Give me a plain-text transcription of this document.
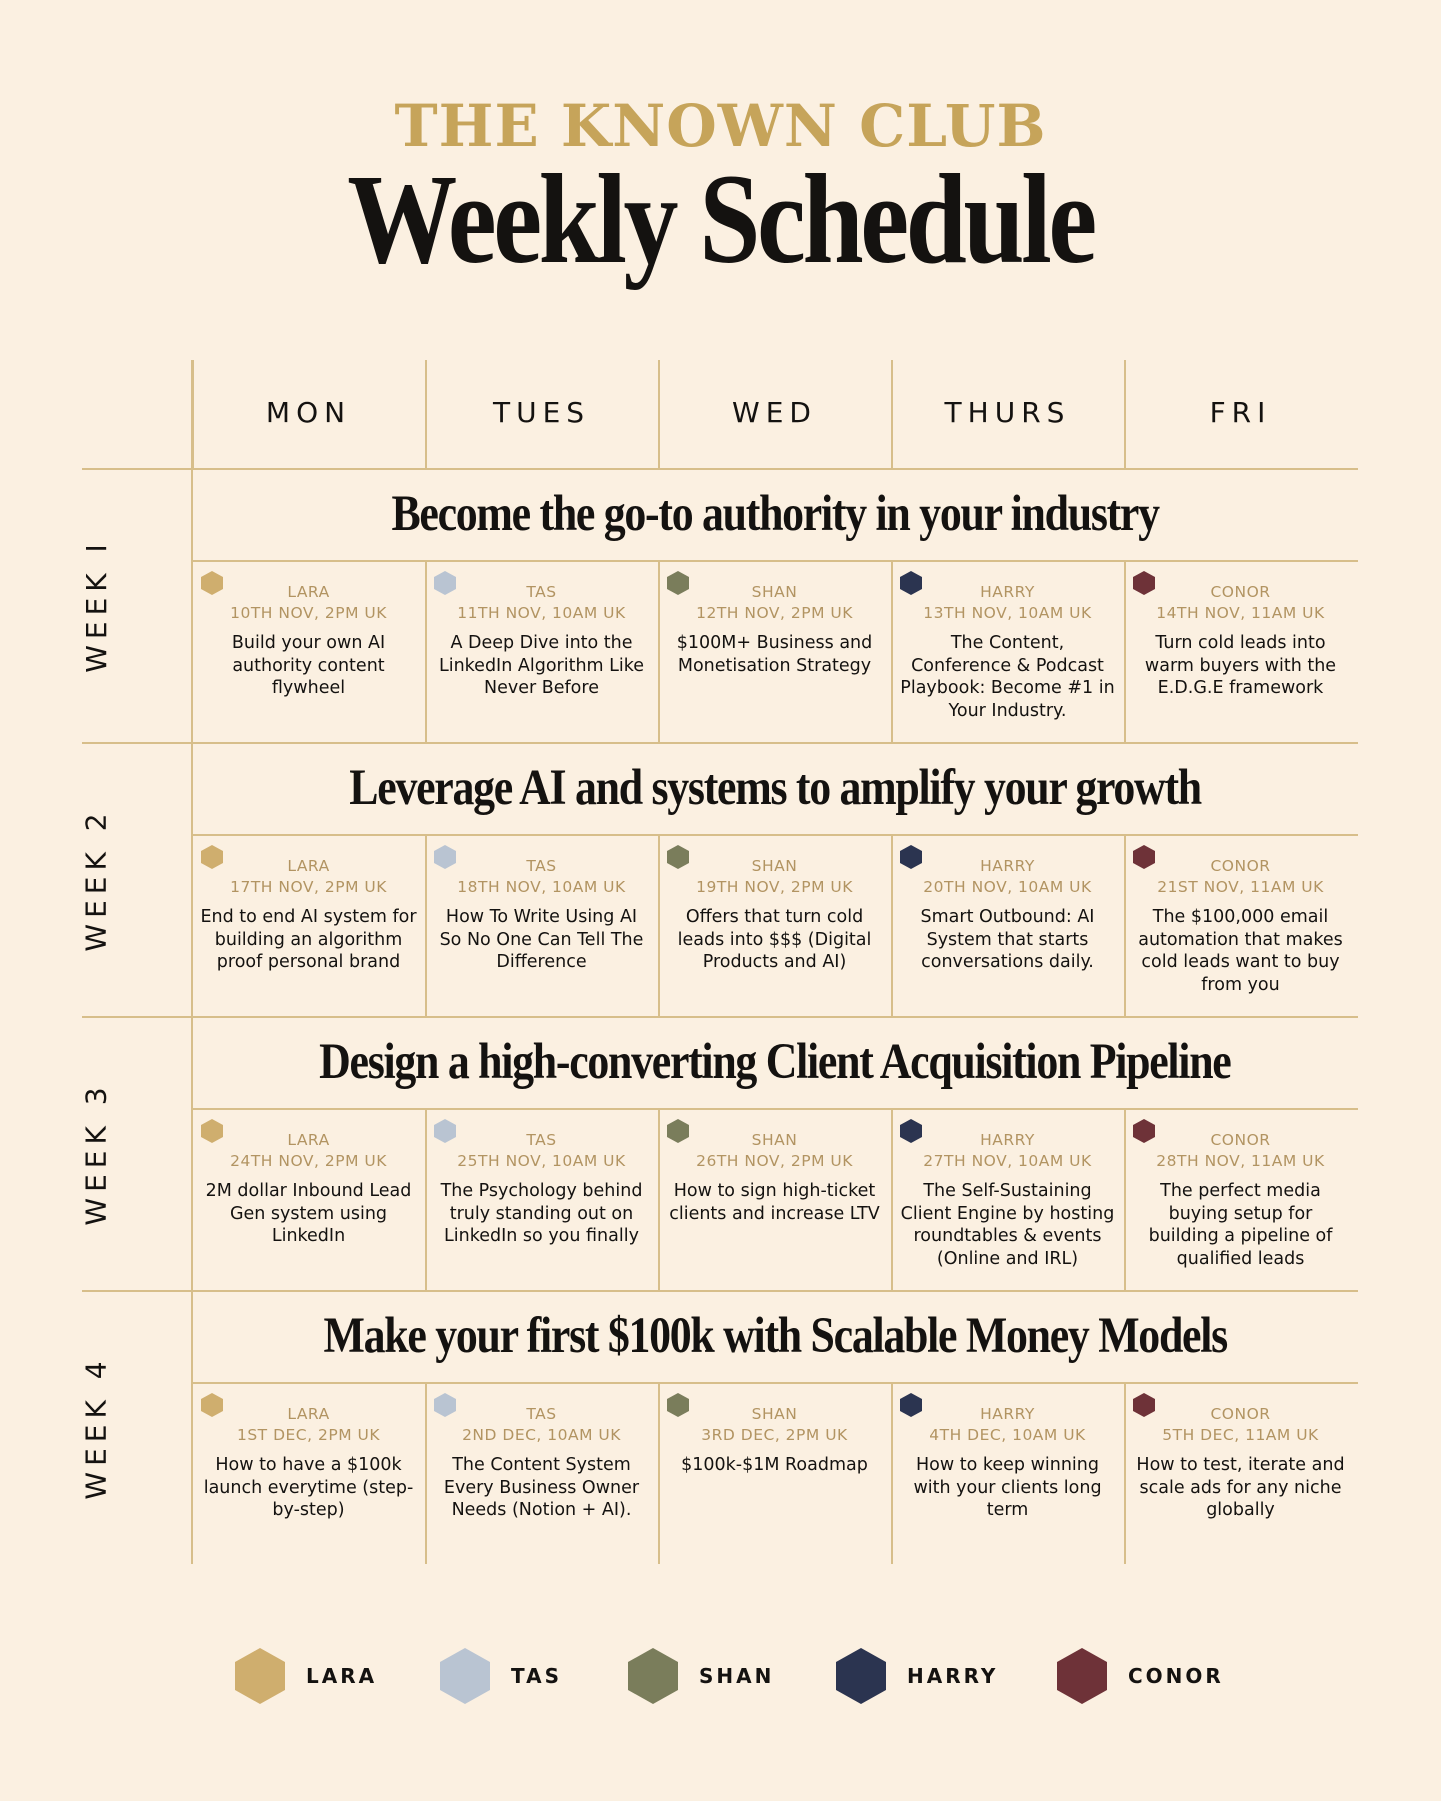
THE KNOWN CLUB
Weekly Schedule
MON	TUES	WED	THURS	FRI
WEEK I
Become the go-to authority in your industry
LARA
10TH NOV, 2PM UK
Build your own AI authority content flywheel
TAS
11TH NOV, 10AM UK
A Deep Dive into the LinkedIn Algorithm Like Never Before
SHAN
12TH NOV, 2PM UK
$100M+ Business and Monetisation Strategy
HARRY
13TH NOV, 10AM UK
The Content, Conference & Podcast Playbook: Become #1 in Your Industry.
CONOR
14TH NOV, 11AM UK
Turn cold leads into warm buyers with the E.D.G.E framework
WEEK 2
Leverage AI and systems to amplify your growth
LARA
17TH NOV, 2PM UK
End to end AI system for building an algorithm proof personal brand
TAS
18TH NOV, 10AM UK
How To Write Using AI So No One Can Tell The Difference
SHAN
19TH NOV, 2PM UK
Offers that turn cold leads into $$$ (Digital Products and AI)
HARRY
20TH NOV, 10AM UK
Smart Outbound: AI System that starts conversations daily.
CONOR
21ST NOV, 11AM UK
The $100,000 email automation that makes cold leads want to buy from you
WEEK 3
Design a high-converting Client Acquisition Pipeline
LARA
24TH NOV, 2PM UK
2M dollar Inbound Lead Gen system using LinkedIn
TAS
25TH NOV, 10AM UK
The Psychology behind truly standing out on LinkedIn so you finally
SHAN
26TH NOV, 2PM UK
How to sign high-ticket clients and increase LTV
HARRY
27TH NOV, 10AM UK
The Self-Sustaining Client Engine by hosting roundtables & events (Online and IRL)
CONOR
28TH NOV, 11AM UK
The perfect media buying setup for building a pipeline of qualified leads
WEEK 4
Make your first $100k with Scalable Money Models
LARA
1ST DEC, 2PM UK
How to have a $100k launch everytime (step-by-step)
TAS
2ND DEC, 10AM UK
The Content System Every Business Owner Needs (Notion + AI).
SHAN
3RD DEC, 2PM UK
$100k-$1M Roadmap
HARRY
4TH DEC, 10AM UK
How to keep winning with your clients long term
CONOR
5TH DEC, 11AM UK
How to test, iterate and scale ads for any niche globally
LARA	TAS	SHAN	HARRY	CONOR
